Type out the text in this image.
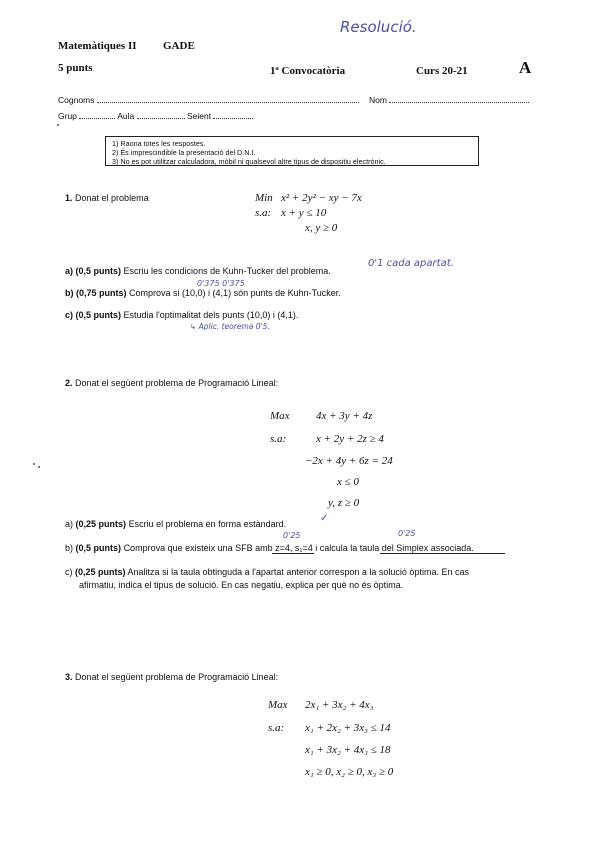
Resolució.
Matemàtiques II GADE
5 punts	1ª Convocatòria	Curs 20-21	A
Cognoms	Nom
Grup	Aula	Seient
1) Raona totes les respostes.
2) És imprescindible la presentació del D.N.I.
3) No es pot utilitzar calculadora, mòbil ni qualsevol altre tipus de dispositiu electrònic.
1. Donat el problema	Min x² + 2y² − xy − 7x
s.a: x + y ≤ 10
x, y ≥ 0
a) (0,5 punts) Escriu les condicions de Kuhn-Tucker del problema.
0'1 cada apartat.
0'375 0'375
b) (0,75 punts) Comprova si (10,0) i (4,1) són punts de Kuhn-Tucker.
c) (0,5 punts) Estudia l'optimalitat dels punts (10,0) i (4,1).
↳ Aplic. teorema 0'5.
2. Donat el següent problema de Programació Lineal:
Max 4x + 3y + 4z
s.a:	x + 2y + 2z ≥ 4
−2x + 4y + 6z = 24
x ≤ 0
y, z ≥ 0
a) (0,25 punts) Escriu el problema en forma estàndard.	✓
0'25	0'25
b) (0,5 punts) Comprova que existeix una SFB amb z=4, s₁=4 i calcula la taula del Simplex associada.
c) (0,25 punts) Analitza si la taula obtinguda a l'apartat anterior correspon a la solució òptima. En cas
afirmatiu, indica el tipus de solució. En cas negatiu, explica per què no és òptima.
3. Donat el següent problema de Programació Lineal:
Max 2x₁ + 3x₂ + 4x₃
s.a: x₁ + 2x₂ + 3x₃ ≤ 14
x₁ + 3x₂ + 4x₃ ≤ 18
x₁ ≥ 0, x₂ ≥ 0, x₃ ≥ 0
